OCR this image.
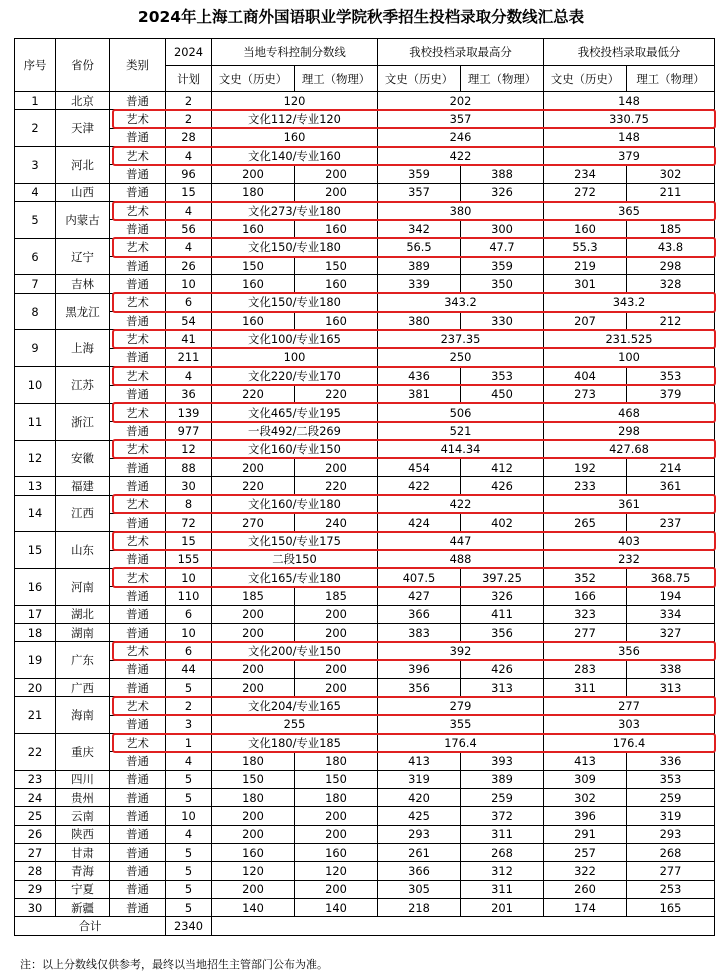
2024年上海工商外国语职业学院秋季招生投档录取分数线汇总表
序号	省份	类别	2024	当地专科控制分数线		我校投档录取最高分		我校投档录取最低分	
			计划	文史（历史）	理工（物理）	文史（历史）	理工（物理）	文史（历史）	理工（物理）
1	北京	普通	2	120		202		148	
2	天津	艺术	2	文化112/专业120		357		330.75	
		普通	28	160		246		148	
3	河北	艺术	4	文化140/专业160		422		379	
		普通	96	200	200	359	388	234	302
4	山西	普通	15	180	200	357	326	272	211
5	内蒙古	艺术	4	文化273/专业180		380		365	
		普通	56	160	160	342	300	160	185
6	辽宁	艺术	4	文化150/专业180		56.5	47.7	55.3	43.8
		普通	26	150	150	389	359	219	298
7	吉林	普通	10	160	160	339	350	301	328
8	黑龙江	艺术	6	文化150/专业180		343.2		343.2	
		普通	54	160	160	380	330	207	212
9	上海	艺术	41	文化100/专业165		237.35		231.525	
		普通	211	100		250		100	
10	江苏	艺术	4	文化220/专业170		436	353	404	353
		普通	36	220	220	381	450	273	379
11	浙江	艺术	139	文化465/专业195		506		468	
		普通	977	一段492/二段269		521		298	
12	安徽	艺术	12	文化160/专业150		414.34		427.68	
		普通	88	200	200	454	412	192	214
13	福建	普通	30	220	220	422	426	233	361
14	江西	艺术	8	文化160/专业180		422		361	
		普通	72	270	240	424	402	265	237
15	山东	艺术	15	文化150/专业175		447		403	
		普通	155	二段150		488		232	
16	河南	艺术	10	文化165/专业180		407.5	397.25	352	368.75
		普通	110	185	185	427	326	166	194
17	湖北	普通	6	200	200	366	411	323	334
18	湖南	普通	10	200	200	383	356	277	327
19	广东	艺术	6	文化200/专业150		392		356	
		普通	44	200	200	396	426	283	338
20	广西	普通	5	200	200	356	313	311	313
21	海南	艺术	2	文化204/专业165		279		277	
		普通	3	255		355		303	
22	重庆	艺术	1	文化180/专业185		176.4		176.4	
		普通	4	180	180	413	393	413	336
23	四川	普通	5	150	150	319	389	309	353
24	贵州	普通	5	180	180	420	259	302	259
25	云南	普通	10	200	200	425	372	396	319
26	陕西	普通	4	200	200	293	311	291	293
27	甘肃	普通	5	160	160	261	268	257	268
28	青海	普通	5	120	120	366	312	322	277
29	宁夏	普通	5	200	200	305	311	260	253
30	新疆	普通	5	140	140	218	201	174	165
合计			2340						
注：以上分数线仅供参考，最终以当地招生主管部门公布为准。
